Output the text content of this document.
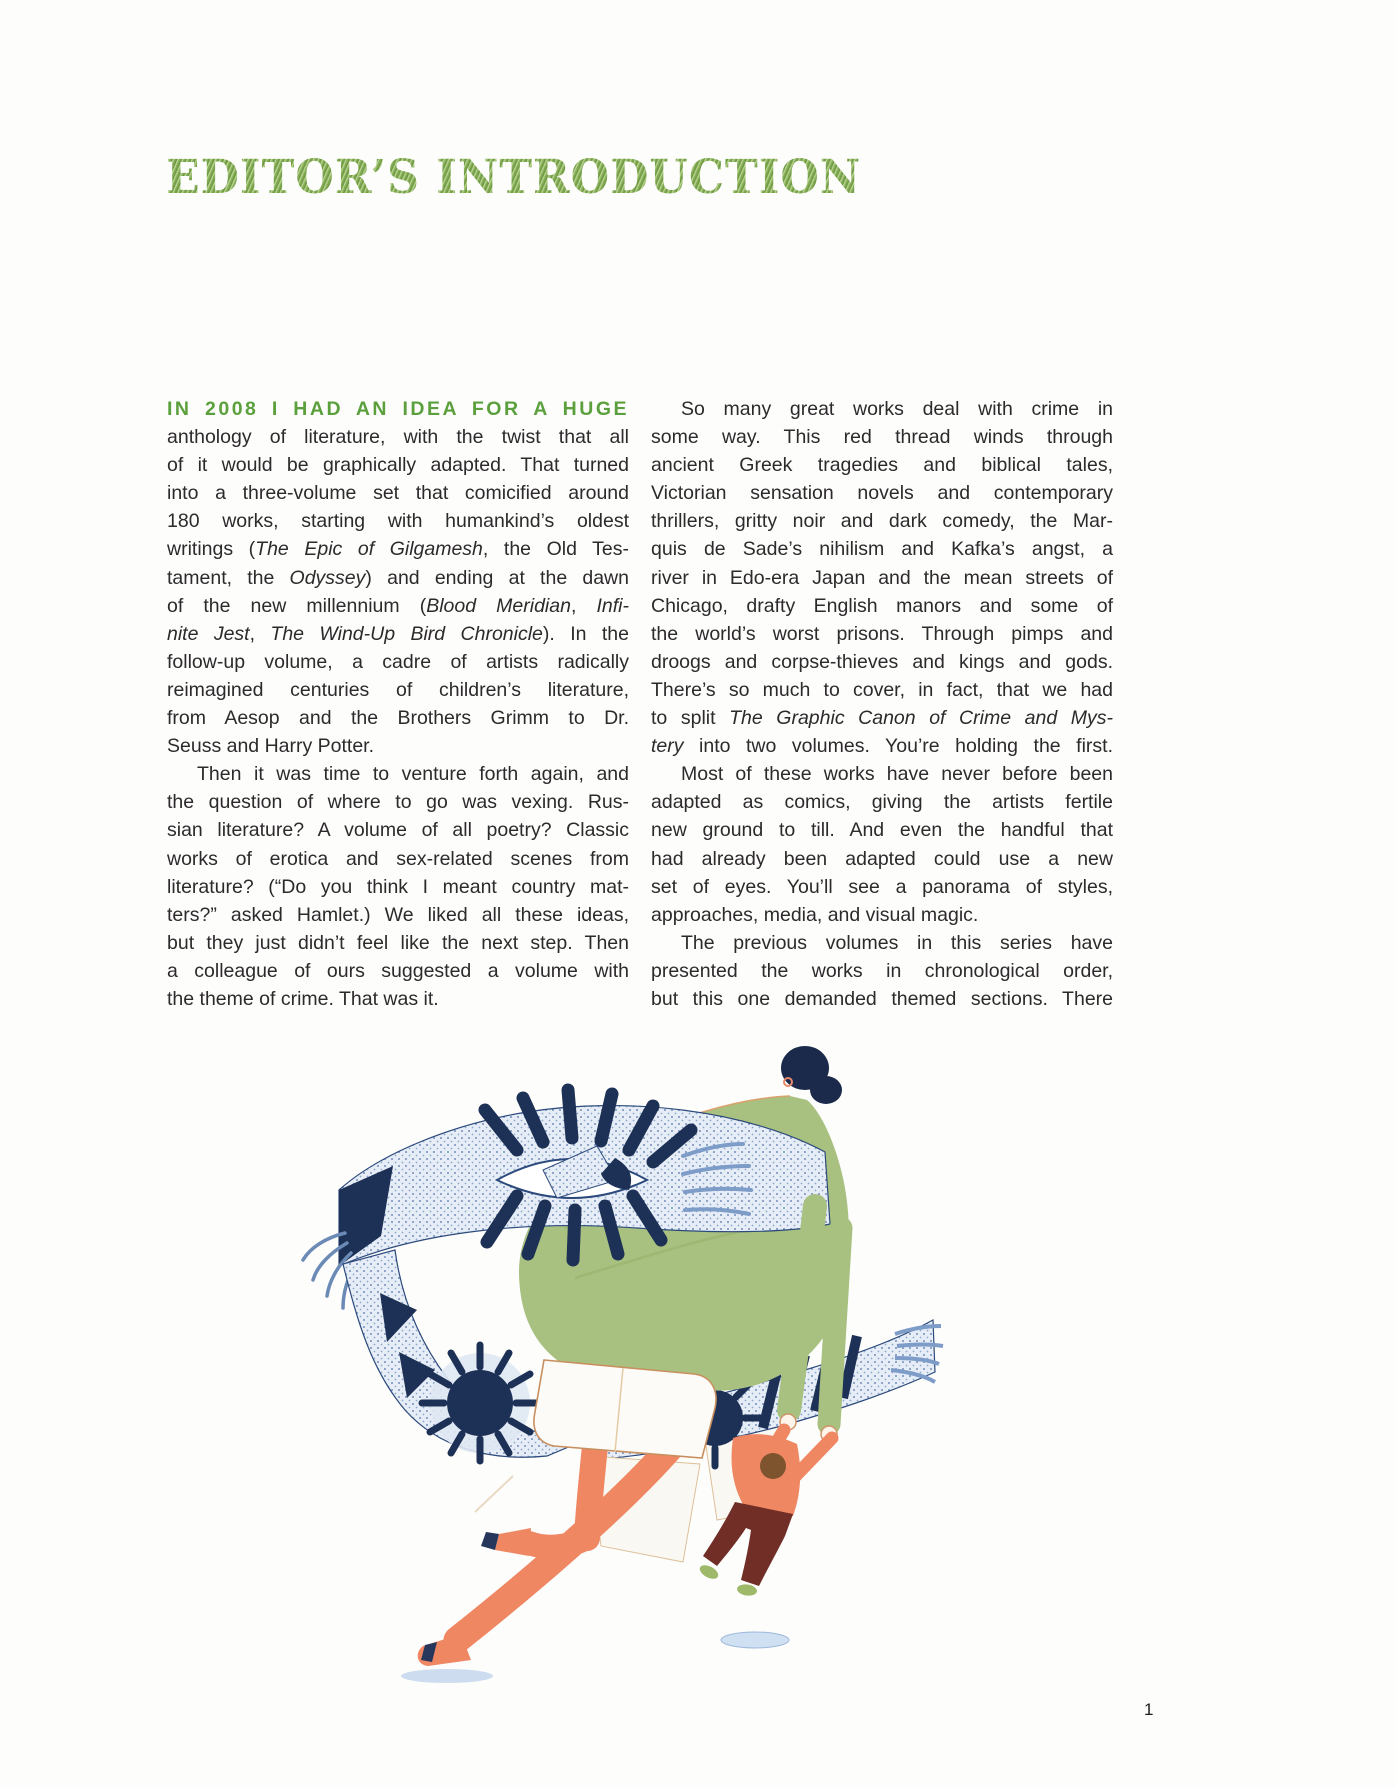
EDITOR’S INTRODUCTION
IN 2008 I HAD AN IDEA FOR A HUGE
anthology of literature, with the twist that all
of it would be graphically adapted. That turned
into a three-volume set that comicified around
180 works, starting with humankind’s oldest
writings (The Epic of Gilgamesh, the Old Tes-
tament, the Odyssey) and ending at the dawn
of the new millennium (Blood Meridian, Infi-
nite Jest, The Wind-Up Bird Chronicle). In the
follow-up volume, a cadre of artists radically
reimagined centuries of children’s literature,
from Aesop and the Brothers Grimm to Dr.
Seuss and Harry Potter.
Then it was time to venture forth again, and
the question of where to go was vexing. Rus-
sian literature? A volume of all poetry? Classic
works of erotica and sex-related scenes from
literature? (“Do you think I meant country mat-
ters?” asked Hamlet.) We liked all these ideas,
but they just didn’t feel like the next step. Then
a colleague of ours suggested a volume with
the theme of crime. That was it.
So many great works deal with crime in
some way. This red thread winds through
ancient Greek tragedies and biblical tales,
Victorian sensation novels and contemporary
thrillers, gritty noir and dark comedy, the Mar-
quis de Sade’s nihilism and Kafka’s angst, a
river in Edo-era Japan and the mean streets of
Chicago, drafty English manors and some of
the world’s worst prisons. Through pimps and
droogs and corpse-thieves and kings and gods.
There’s so much to cover, in fact, that we had
to split The Graphic Canon of Crime and Mys-
tery into two volumes. You’re holding the first.
Most of these works have never before been
adapted as comics, giving the artists fertile
new ground to till. And even the handful that
had already been adapted could use a new
set of eyes. You’ll see a panorama of styles,
approaches, media, and visual magic.
The previous volumes in this series have
presented the works in chronological order,
but this one demanded themed sections. There
1
